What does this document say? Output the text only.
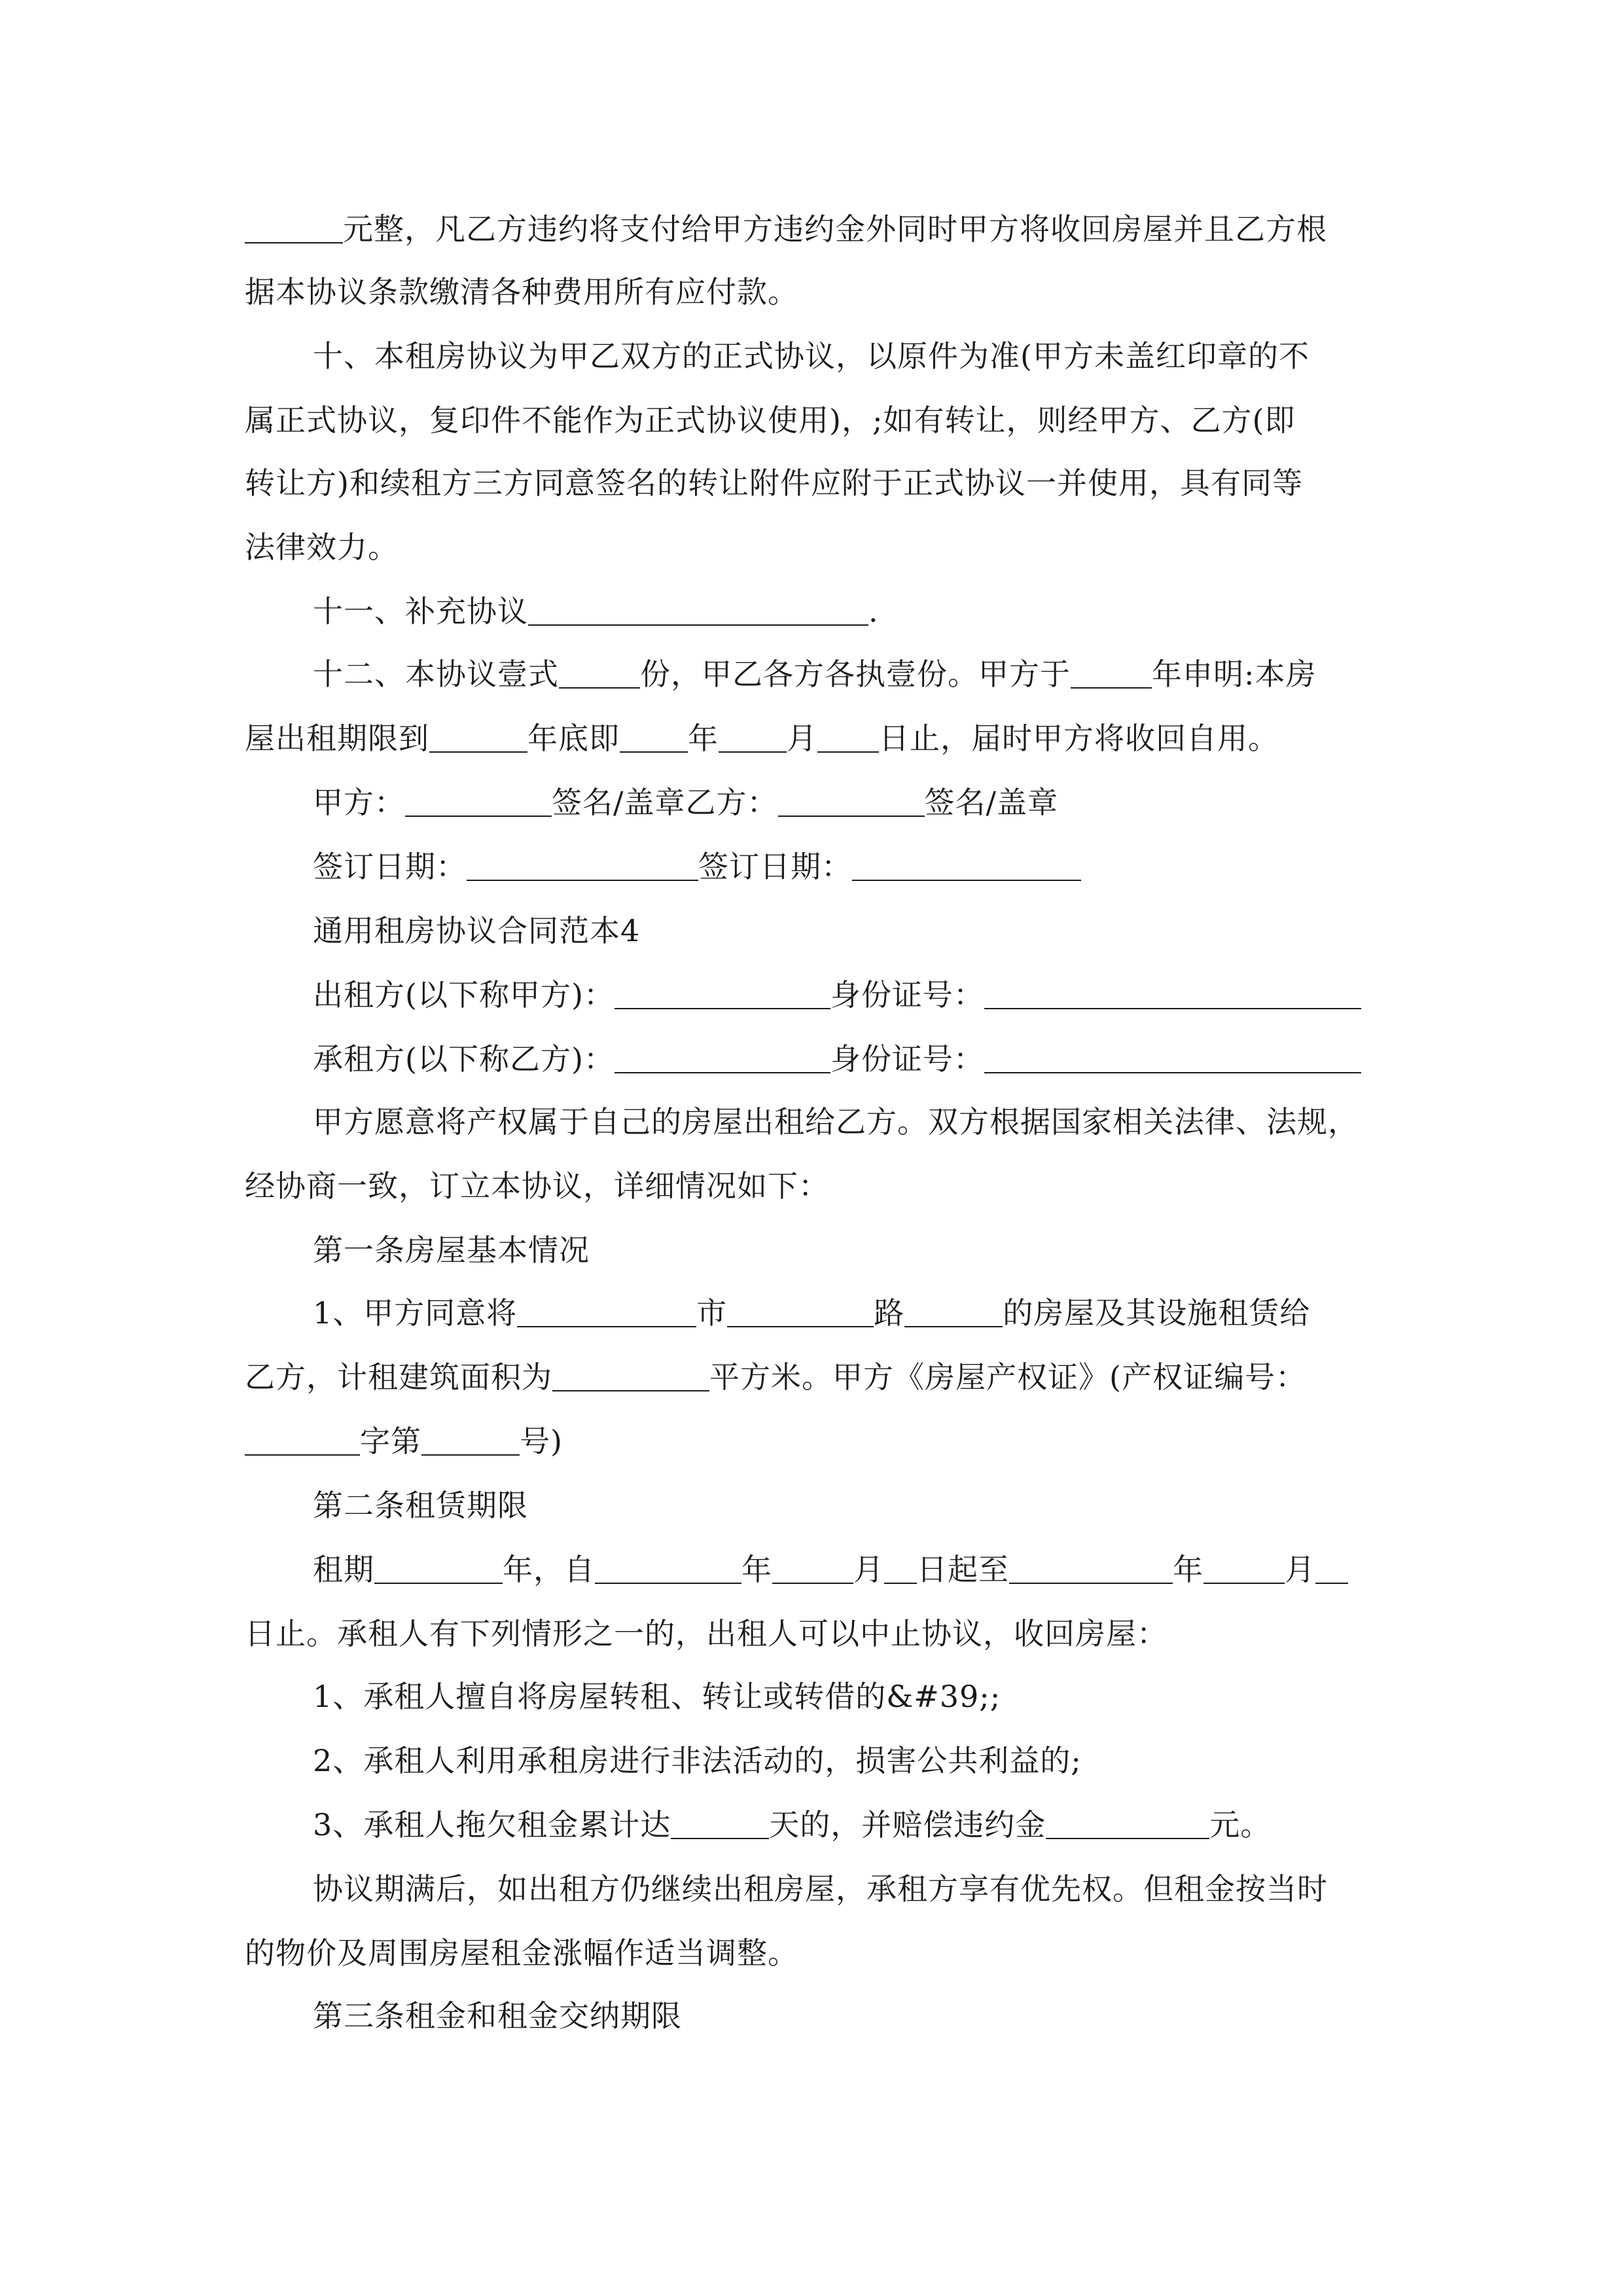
元整，凡乙方违约将支付给甲方违约金外同时甲方将收回房屋并且乙方根
据本协议条款缴清各种费用所有应付款。
十、本租房协议为甲乙双方的正式协议，以原件为准(甲方未盖红印章的不
属正式协议，复印件不能作为正式协议使用)，;如有转让，则经甲方、乙方(即
转让方)和续租方三方同意签名的转让附件应附于正式协议一并使用，具有同等
法律效力。
十一、补充协议	.
十二、本协议壹式	份，甲乙各方各执壹份。甲方于	年申明:本房
屋出租期限到	年底即 年 月 日止，届时甲方将收回自用。
甲方：	签名/盖章乙方：	签名/盖章
签订日期：	签订日期：
通用租房协议合同范本4
出租方(以下称甲方)：	身份证号：
承租方(以下称乙方)：	身份证号：
甲方愿意将产权属于自己的房屋出租给乙方。双方根据国家相关法律、法规，
经协商一致，订立本协议，详细情况如下：
第一条房屋基本情况
1、甲方同意将	市	路	的房屋及其设施租赁给
乙方，计租建筑面积为	平方米。甲方《房屋产权证》(产权证编号：
字第	号)
第二条租赁期限
租期	年，自	年	月 日起至	年	月
日止。承租人有下列情形之一的，出租人可以中止协议，收回房屋：
1、承租人擅自将房屋转租、转让或转借的&#39;;
2、承租人利用承租房进行非法活动的，损害公共利益的;
3、承租人拖欠租金累计达	天的，并赔偿违约金	元。
协议期满后，如出租方仍继续出租房屋，承租方享有优先权。但租金按当时
的物价及周围房屋租金涨幅作适当调整。
第三条租金和租金交纳期限
